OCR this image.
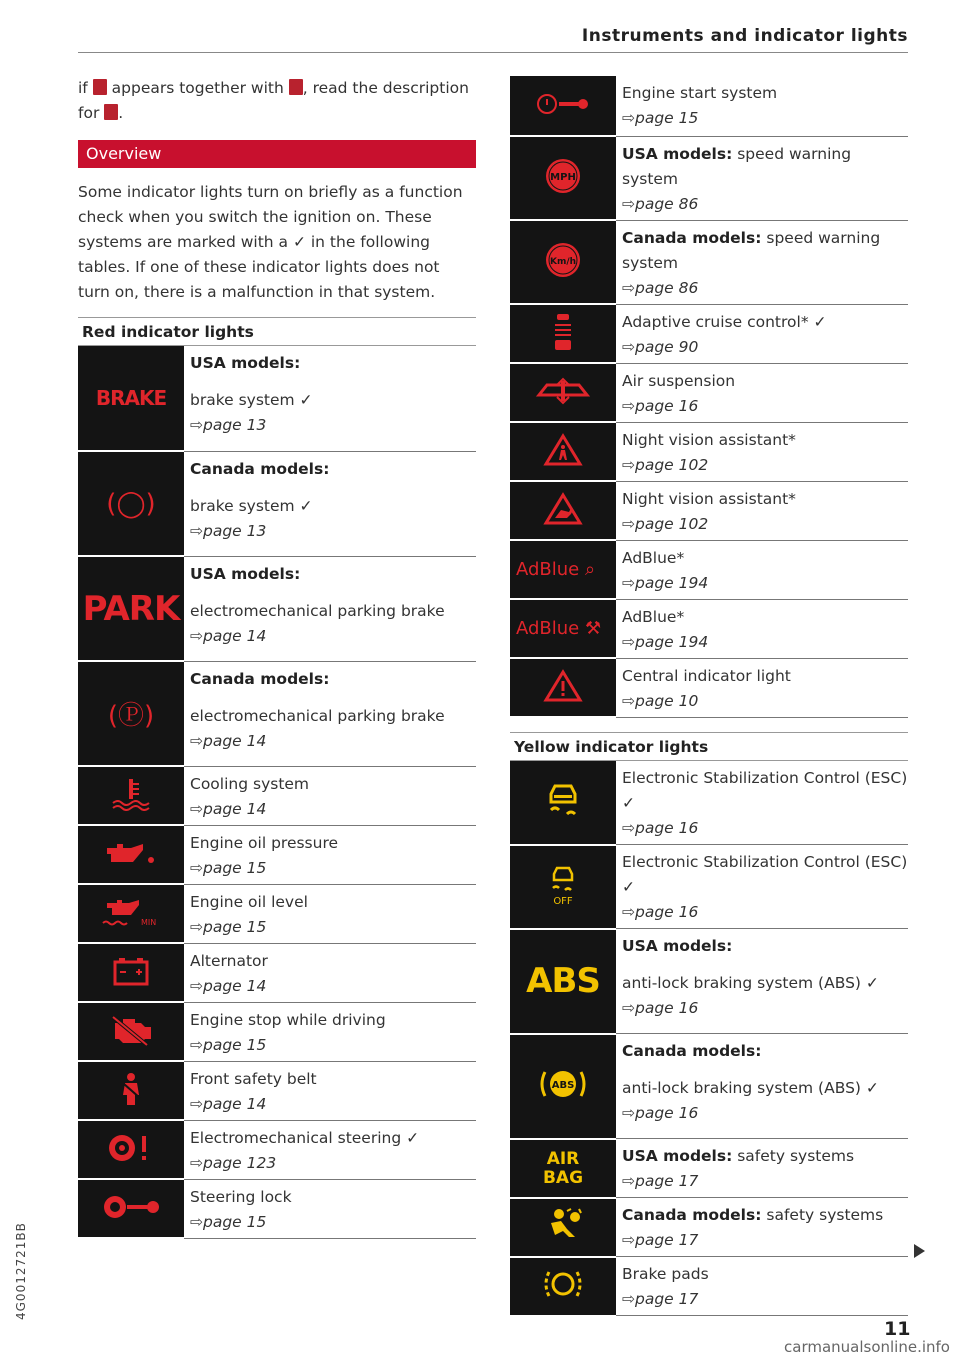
Instruments and indicator lights
4G0012721BB

if appears together with , read the description for .

Overview

Some indicator lights turn on briefly as a function check when you switch the ignition on. These systems are marked with a ✓ in the following tables. If one of these indicator lights does not turn on, there is a malfunction in that system.

Red indicator lights
BRAKE	USA models:
brake system ✓
⇨page 13
(◯)	Canada models:
brake system ✓
⇨page 13
PARK	USA models:
electromechanical parking brake
⇨page 14
(Ⓟ)	Canada models:
electromechanical parking brake
⇨page 14
	Cooling system
⇨page 14
	Engine oil pressure
⇨page 15

MIN	Engine oil level
⇨page 15
	Alternator
⇨page 14
	Engine stop while driving
⇨page 15
	Front safety belt
⇨page 14
	Electromechanical steering ✓
⇨page 123
	Steering lock
⇨page 15
	Engine start system
⇨page 15

MPH	USA models: speed warning system
⇨page 86

Km/h	Canada models: speed warning system
⇨page 86
	Adaptive cruise control* ✓
⇨page 90
	Air suspension
⇨page 16
	Night vision assistant*
⇨page 102
	Night vision assistant*
⇨page 102
AdBlue ⌕	AdBlue*
⇨page 194
AdBlue ⚒	AdBlue*
⇨page 194
	Central indicator light
⇨page 10
Yellow indicator lights
	Electronic Stabilization Control (ESC) ✓
⇨page 16

OFF	Electronic Stabilization Control (ESC) ✓
⇨page 16
ABS	USA models:
anti-lock braking system (ABS) ✓
⇨page 16

ABS	Canada models:
anti-lock braking system (ABS) ✓
⇨page 16

AIR
BAG	USA models: safety systems
⇨page 17
	Canada models: safety systems
⇨page 17
	Brake pads
⇨page 17
11
carmanualsonline.info
